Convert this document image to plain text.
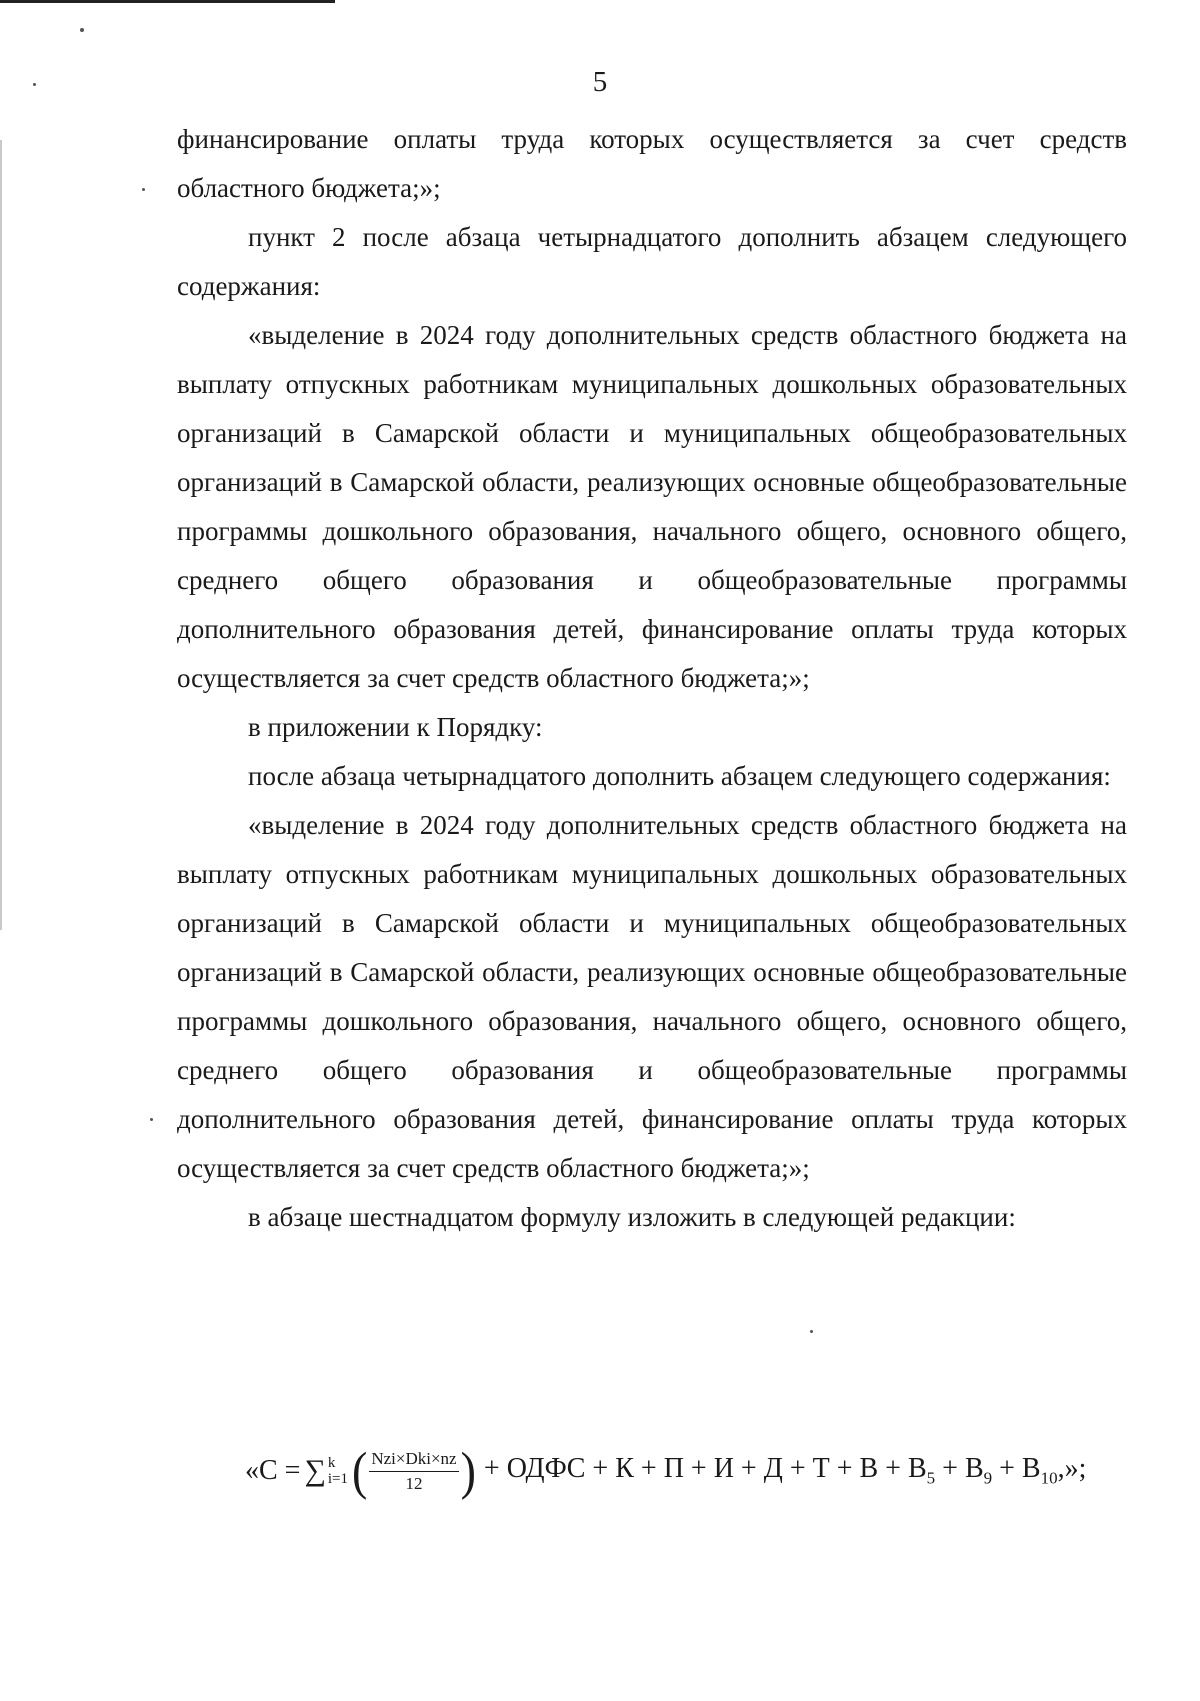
5

финансирование оплаты труда которых осуществляется за счет средств областного бюджета;»;

пункт 2 после абзаца четырнадцатого дополнить абзацем следующего содержания:

«выделение в 2024 году дополнительных средств областного бюджета на выплату отпускных работникам муниципальных дошкольных образовательных организаций в Самарской области и муниципальных общеобразовательных организаций в Самарской области, реализующих основные общеобразовательные программы дошкольного образования, начального общего, основного общего, среднего общего образования и общеобразовательные программы дополнительного образования детей, финансирование оплаты труда которых осуществляется за счет средств областного бюджета;»;

в приложении к Порядку:

после абзаца четырнадцатого дополнить абзацем следующего содержания:

«выделение в 2024 году дополнительных средств областного бюджета на выплату отпускных работникам муниципальных дошкольных образовательных организаций в Самарской области и муниципальных общеобразовательных организаций в Самарской области, реализующих основные общеобразовательные программы дошкольного образования, начального общего, основного общего, среднего общего образования и общеобразовательные программы дополнительного образования детей, финансирование оплаты труда которых осуществляется за счет средств областного бюджета;»;

в абзаце шестнадцатом формулу изложить в следующей редакции:

«С = ∑ k
i=1 ( $\frac{\text{Nzi×Dki×nz}}{12}$ ) + ОДФС + $К + П + И + Д + Т + В + В_5 + В_9 + В_{10}$,»;
